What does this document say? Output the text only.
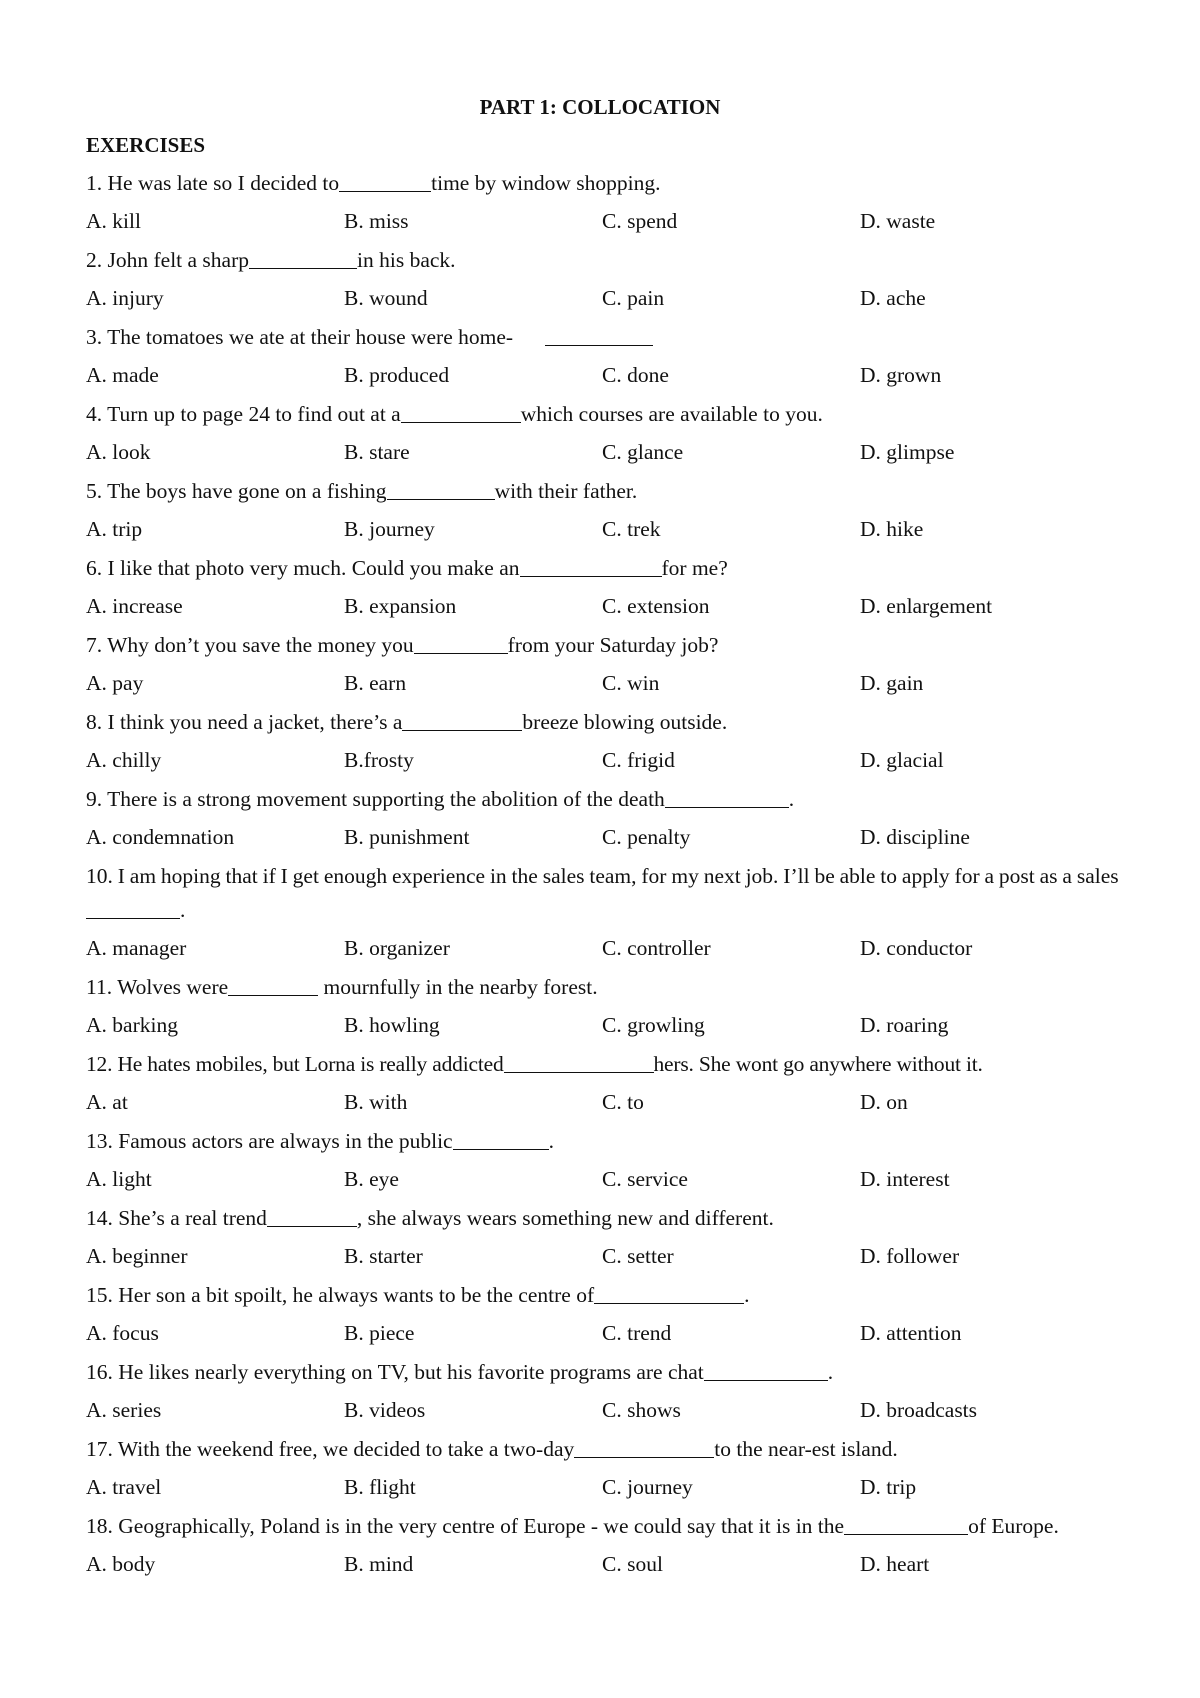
PART 1: COLLOCATION
EXERCISES
1. He was late so I decided to	time by window shopping.
A. kill	B. miss	C. spend	D. waste
2. John felt a sharp	in his back.
A. injury	B. wound	C. pain	D. ache
3. The tomatoes we ate at their house were home-
A. made	B. produced	C. done	D. grown
4. Turn up to page 24 to find out at a	which courses are available to you.
A. look	B. stare	C. glance	D. glimpse
5. The boys have gone on a fishing	with their father.
A. trip	B. journey	C. trek	D. hike
6. I like that photo very much. Could you make an	for me?
A. increase	B. expansion	C. extension	D. enlargement
7. Why don’t you save the money you	from your Saturday job?
A. pay	B. earn	C. win	D. gain
8. I think you need a jacket, there’s a	breeze blowing outside.
A. chilly	B.frosty	C. frigid	D. glacial
9. There is a strong movement supporting the abolition of the death	.
A. condemnation	B. punishment	C. penalty	D. discipline
10. I am hoping that if I get enough experience in the sales team, for my next job. I’ll be able to apply for a post as a sales.
A. manager	B. organizer	C. controller	D. conductor
11. Wolves were	mournfully in the nearby forest.
A. barking	B. howling	C. growling	D. roaring
12. He hates mobiles, but Lorna is really addicted	hers. She wont go anywhere without it.
A. at	B. with	C. to	D. on
13. Famous actors are always in the public	.
A. light	B. eye	C. service	D. interest
14. She’s a real trend	, she always wears something new and different.
A. beginner	B. starter	C. setter	D. follower
15. Her son a bit spoilt, he always wants to be the centre of	.
A. focus	B. piece	C. trend	D. attention
16. He likes nearly everything on TV, but his favorite programs are chat	.
A. series	B. videos	C. shows	D. broadcasts
17. With the weekend free, we decided to take a two-day	to the near-est island.
A. travel	B. flight	C. journey	D. trip
18. Geographically, Poland is in the very centre of Europe - we could say that it is in the	of Europe.
A. body	B. mind	C. soul	D. heart
